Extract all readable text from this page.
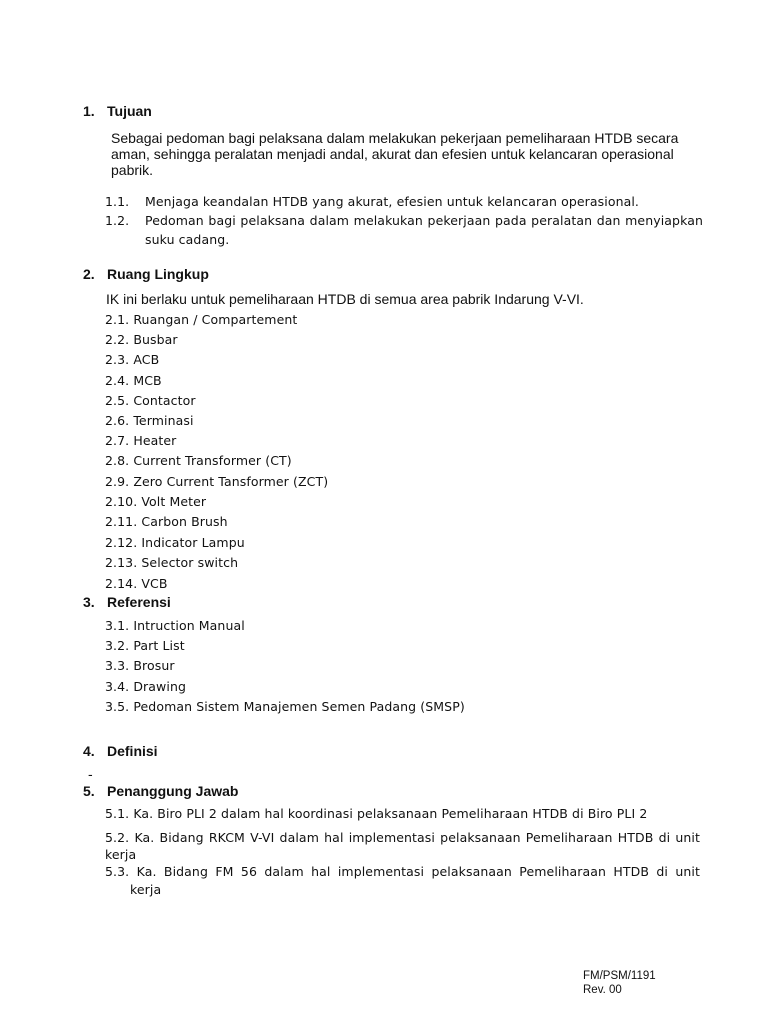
1. Tujuan
Sebagai pedoman bagi pelaksana dalam melakukan pekerjaan pemeliharaan HTDB secara aman, sehingga peralatan menjadi andal, akurat dan efesien untuk kelancaran operasional pabrik.
1.1. Menjaga keandalan HTDB yang akurat, efesien untuk kelancaran operasional.
1.2. Pedoman bagi pelaksana dalam melakukan pekerjaan pada peralatan dan menyiapkan
suku cadang.
2. Ruang Lingkup
IK ini berlaku untuk pemeliharaan HTDB di semua area pabrik Indarung V-VI.
2.1. Ruangan / Compartement
2.2. Busbar
2.3. ACB
2.4. MCB
2.5. Contactor
2.6. Terminasi
2.7. Heater
2.8. Current Transformer (CT)
2.9. Zero Current Tansformer (ZCT)
2.10. Volt Meter
2.11. Carbon Brush
2.12. Indicator Lampu
2.13. Selector switch
2.14. VCB
3. Referensi
3.1. Intruction Manual
3.2. Part List
3.3. Brosur
3.4. Drawing
3.5. Pedoman Sistem Manajemen Semen Padang (SMSP)
4. Definisi
-
5. Penanggung Jawab
5.1. Ka. Biro PLI 2 dalam hal koordinasi pelaksanaan Pemeliharaan HTDB di Biro PLI 2
5.2. Ka. Bidang RKCM V-VI dalam hal implementasi pelaksanaan Pemeliharaan HTDB di unit
kerja
5.3. Ka. Bidang FM 56 dalam hal implementasi pelaksanaan Pemeliharaan HTDB di unit
kerja
FM/PSM/1191
Rev. 00
